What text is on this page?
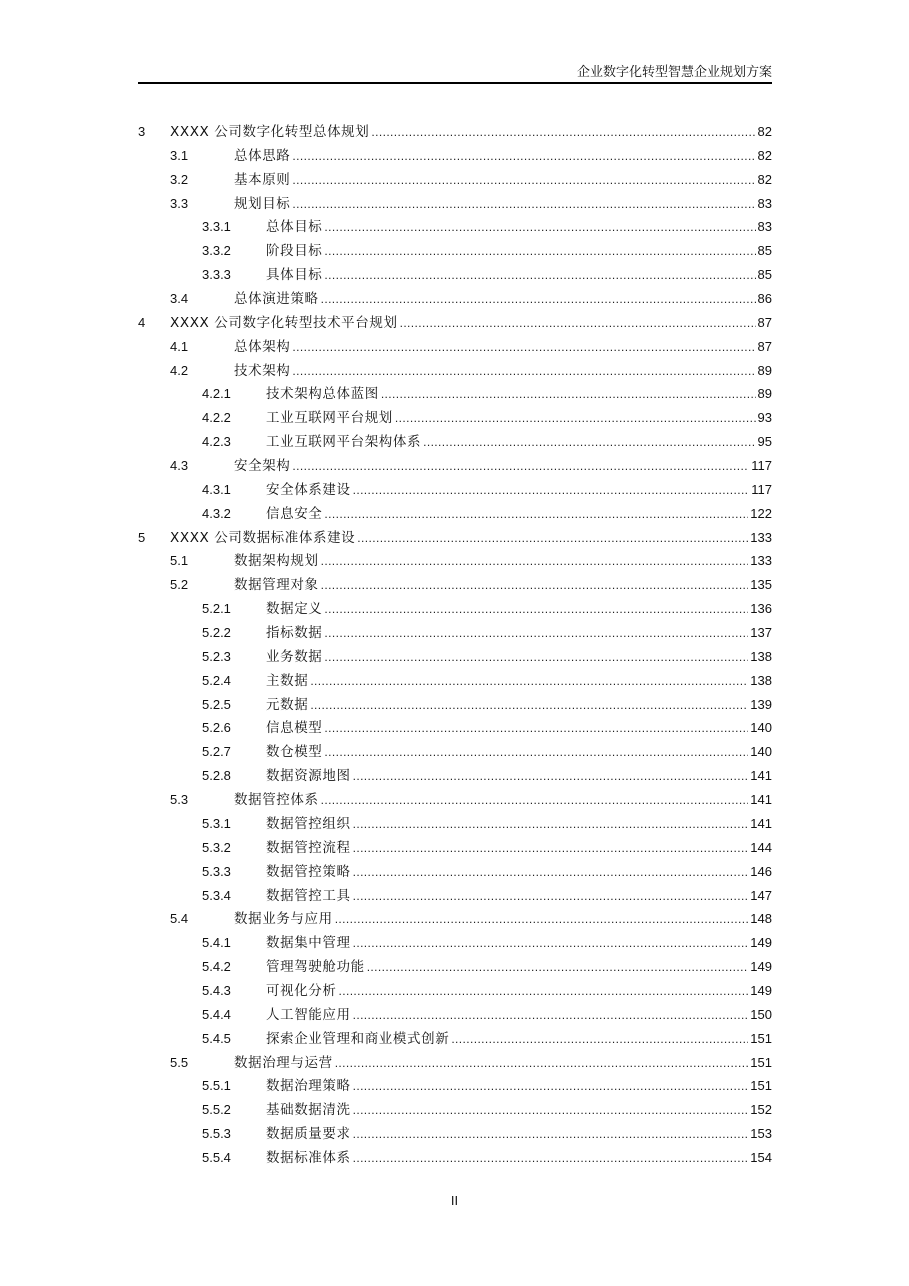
企业数字化转型智慧企业规划方案
3 XXXX 公司数字化转型总体规划 .....	82
3.1	总体思路 .....	82
3.2	基本原则 .....	82
3.3	规划目标 .....	83
3.3.1	总体目标 .....	83
3.3.2	阶段目标 .....	85
3.3.3	具体目标 .....	85
3.4	总体演进策略 .....	86
4 XXXX 公司数字化转型技术平台规划 .....	87
4.1	总体架构 .....	87
4.2	技术架构 .....	89
4.2.1	技术架构总体蓝图 .....	89
4.2.2	工业互联网平台规划 .....	93
4.2.3	工业互联网平台架构体系 .....	95
4.3	安全架构 .....	117
4.3.1	安全体系建设 .....	117
4.3.2	信息安全 .....	122
5 XXXX 公司数据标准体系建设 .....	133
5.1	数据架构规划 .....	133
5.2	数据管理对象 .....	135
5.2.1	数据定义 .....	136
5.2.2	指标数据 .....	137
5.2.3	业务数据 .....	138
5.2.4	主数据 .....	138
5.2.5	元数据 .....	139
5.2.6	信息模型 .....	140
5.2.7	数仓模型 .....	140
5.2.8	数据资源地图 .....	141
5.3	数据管控体系 .....	141
5.3.1	数据管控组织 .....	141
5.3.2	数据管控流程 .....	144
5.3.3	数据管控策略 .....	146
5.3.4	数据管控工具 .....	147
5.4	数据业务与应用 .....	148
5.4.1	数据集中管理 .....	149
5.4.2	管理驾驶舱功能 .....	149
5.4.3	可视化分析 .....	149
5.4.4	人工智能应用 .....	150
5.4.5	探索企业管理和商业模式创新 .....	151
5.5	数据治理与运营 .....	151
5.5.1	数据治理策略 .....	151
5.5.2	基础数据清洗 .....	152
5.5.3	数据质量要求 .....	153
5.5.4	数据标准体系 .....	154
II
